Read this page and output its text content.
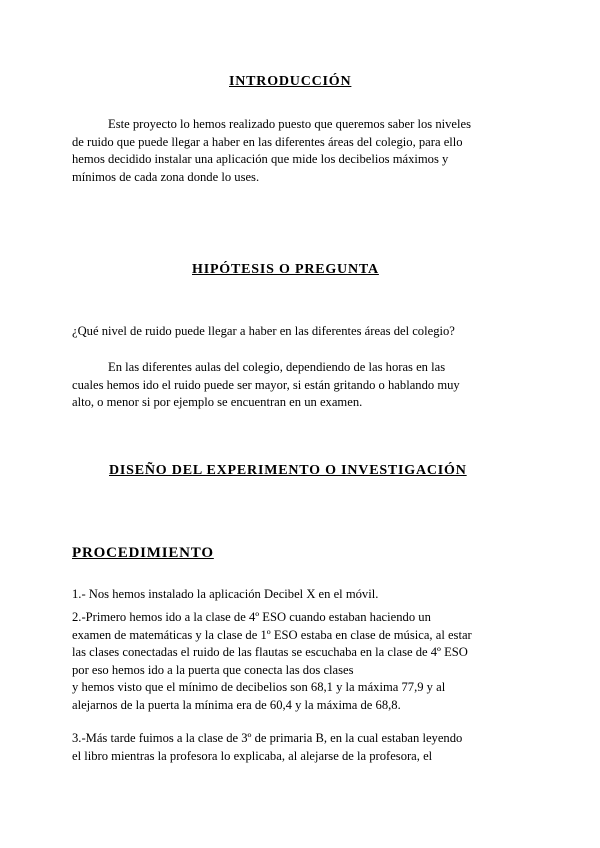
INTRODUCCIÓN
Este proyecto lo hemos realizado puesto que queremos saber los niveles
de ruido que puede llegar a haber en las diferentes áreas del colegio, para ello
hemos decidido instalar una aplicación que mide los decibelios máximos y
mínimos de cada zona donde lo uses.
HIPÓTESIS O PREGUNTA
¿Qué nivel de ruido puede llegar a haber en las diferentes áreas del colegio?
En las diferentes aulas del colegio, dependiendo de las horas en las
cuales hemos ido el ruido puede ser mayor, si están gritando o hablando muy
alto, o menor si por ejemplo se encuentran en un examen.
DISEÑO DEL EXPERIMENTO O INVESTIGACIÓN
PROCEDIMIENTO
1.- Nos hemos instalado la aplicación Decibel X en el móvil.
2.-Primero hemos ido a la clase de 4º ESO cuando estaban haciendo un
examen de matemáticas y la clase de 1º ESO estaba en clase de música, al estar
las clases conectadas el ruido de las flautas se escuchaba en la clase de 4º ESO
por eso hemos ido a la puerta que conecta las dos clases
y hemos visto que el mínimo de decibelios son 68,1 y la máxima 77,9 y al
alejarnos de la puerta la mínima era de 60,4 y la máxima de 68,8.
3.-Más tarde fuimos a la clase de 3º de primaria B, en la cual estaban leyendo
el libro mientras la profesora lo explicaba, al alejarse de la profesora, el
